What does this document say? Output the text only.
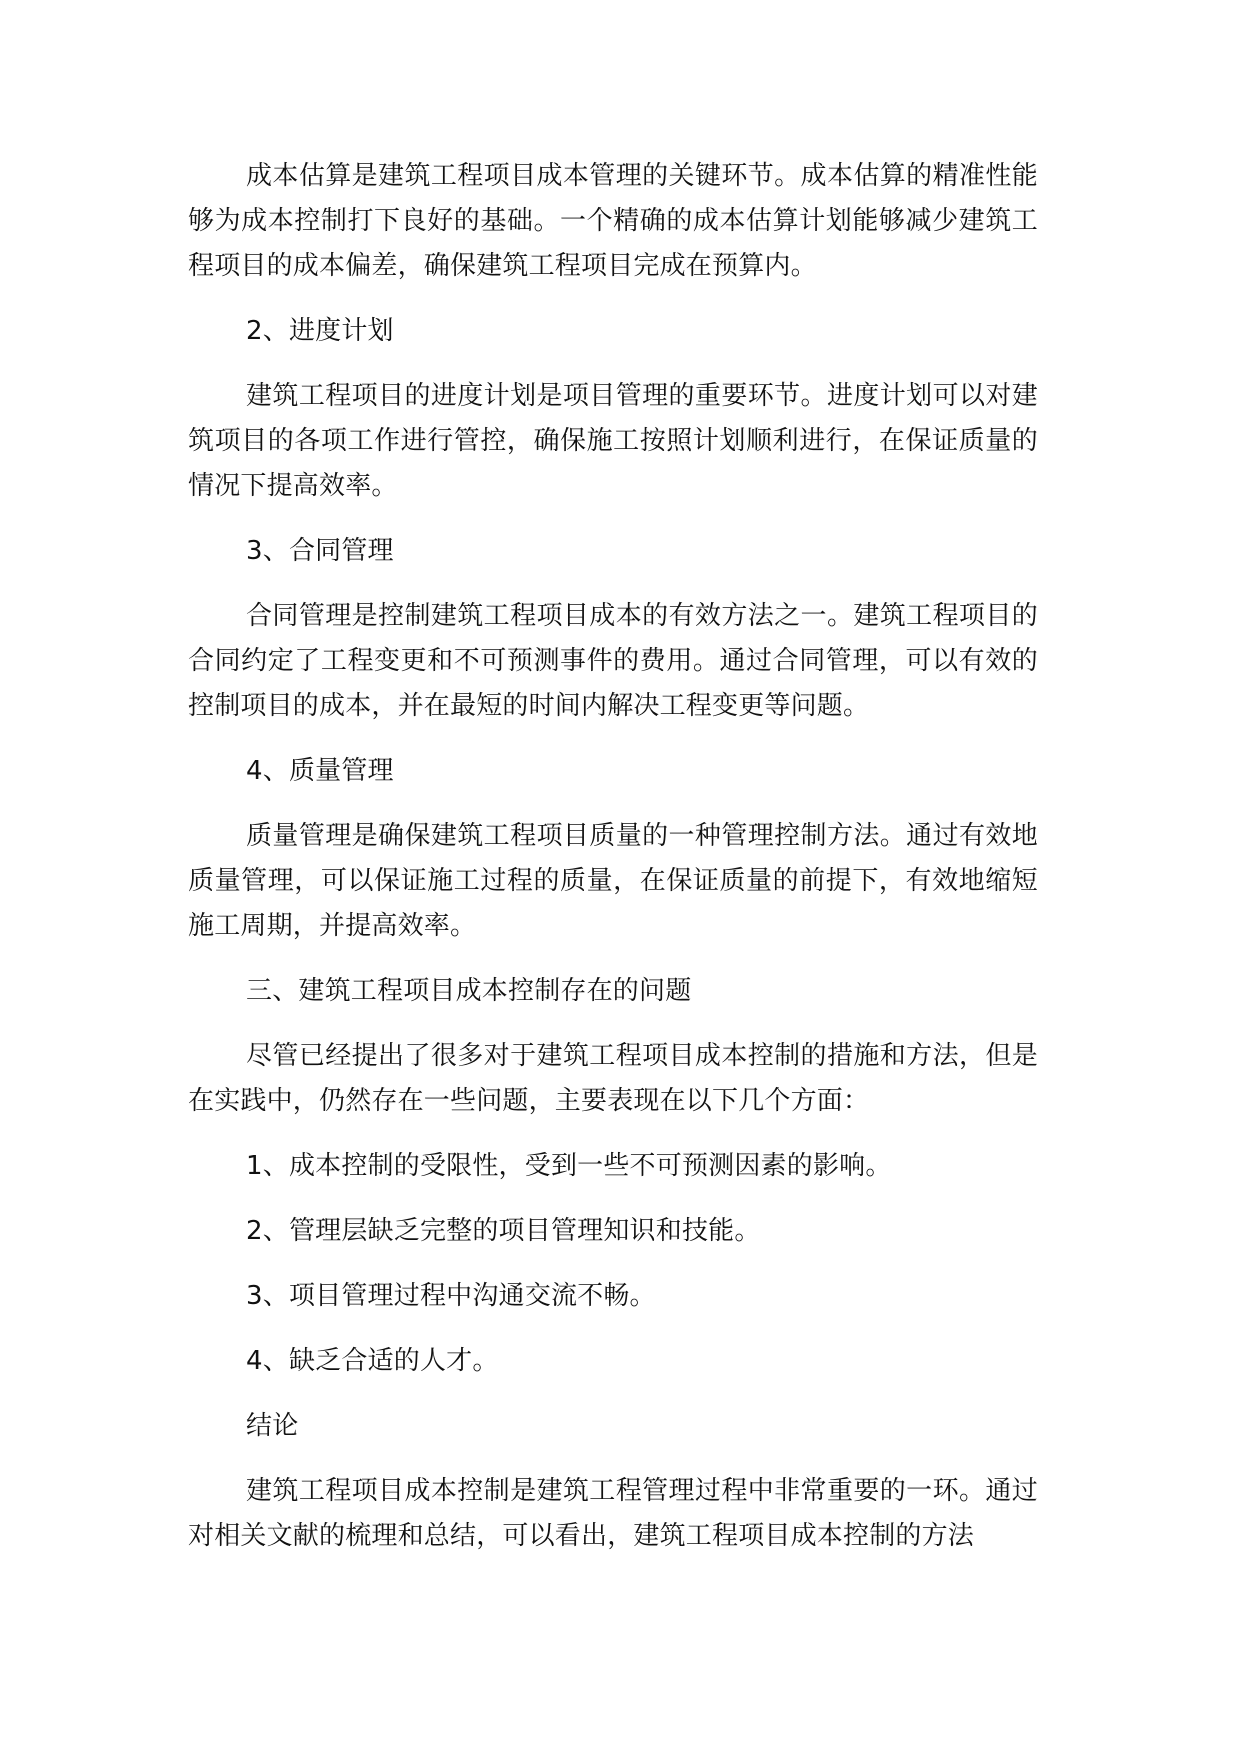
成本估算是建筑工程项目成本管理的关键环节。成本估算的精准性能够为成本控制打下良好的基础。一个精确的成本估算计划能够减少建筑工程项目的成本偏差，确保建筑工程项目完成在预算内。

2、进度计划

建筑工程项目的进度计划是项目管理的重要环节。进度计划可以对建筑项目的各项工作进行管控，确保施工按照计划顺利进行，在保证质量的情况下提高效率。

3、合同管理

合同管理是控制建筑工程项目成本的有效方法之一。建筑工程项目的合同约定了工程变更和不可预测事件的费用。通过合同管理，可以有效的控制项目的成本，并在最短的时间内解决工程变更等问题。

4、质量管理

质量管理是确保建筑工程项目质量的一种管理控制方法。通过有效地质量管理，可以保证施工过程的质量，在保证质量的前提下，有效地缩短施工周期，并提高效率。

三、建筑工程项目成本控制存在的问题

尽管已经提出了很多对于建筑工程项目成本控制的措施和方法，但是在实践中，仍然存在一些问题，主要表现在以下几个方面：

1、成本控制的受限性，受到一些不可预测因素的影响。

2、管理层缺乏完整的项目管理知识和技能。

3、项目管理过程中沟通交流不畅。

4、缺乏合适的人才。

结论

建筑工程项目成本控制是建筑工程管理过程中非常重要的一环。通过对相关文献的梳理和总结，可以看出，建筑工程项目成本控制的方法
